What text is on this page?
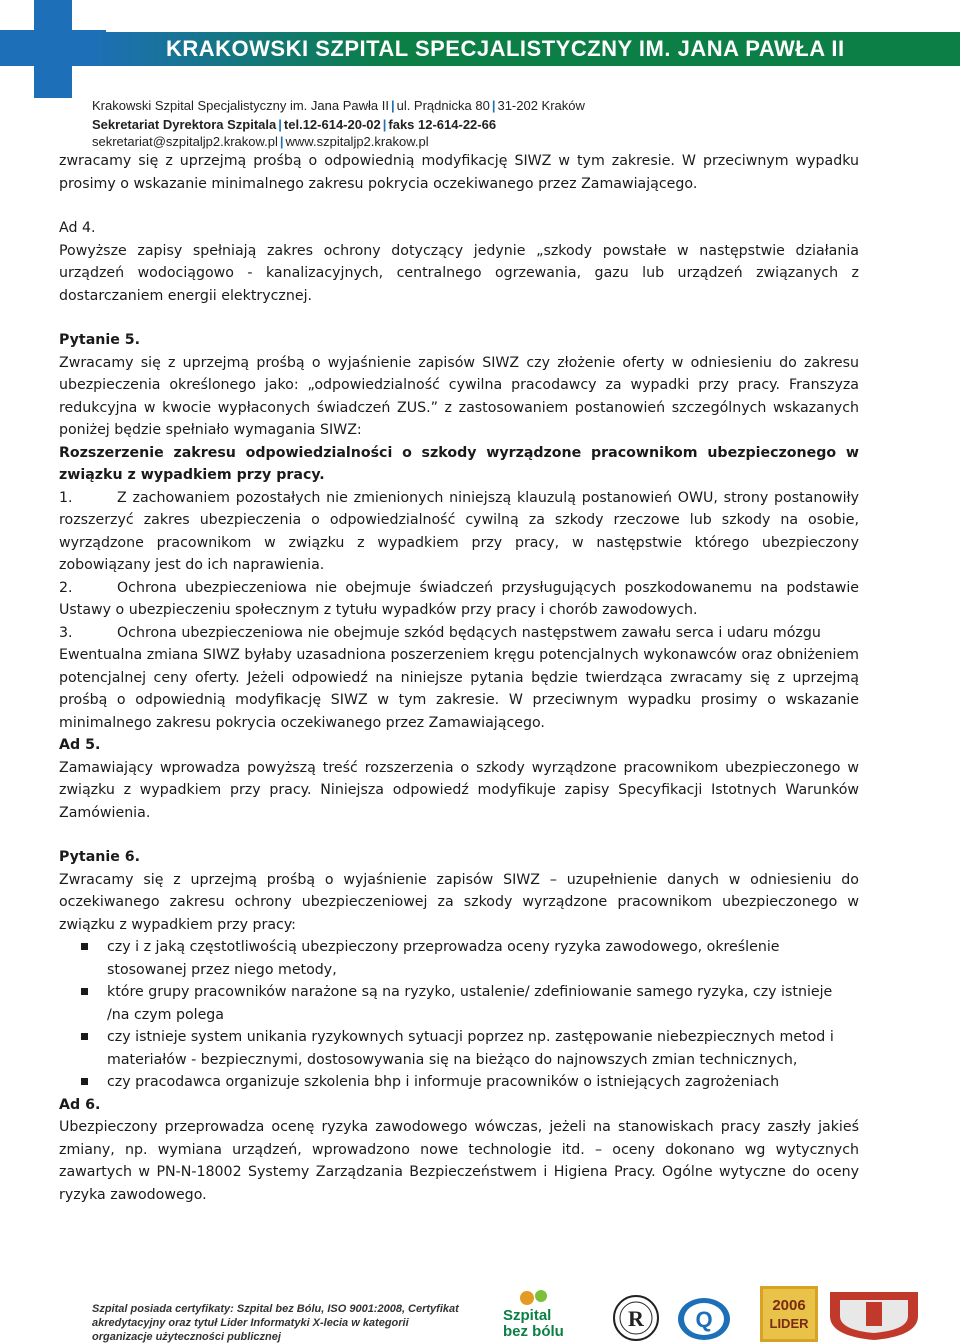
KRAKOWSKI SZPITAL SPECJALISTYCZNY IM. JANA PAWŁA II
Krakowski Szpital Specjalistyczny im. Jana Pawła II | ul. Prądnicka 80 | 31-202 Kraków
Sekretariat Dyrektora Szpitala | tel.12-614-20-02 | faks 12-614-22-66
sekretariat@szpitaljp2.krakow.pl | www.szpitaljp2.krakow.pl

zwracamy się z uprzejmą prośbą o odpowiednią modyfikację SIWZ w tym zakresie. W przeciwnym wypadku prosimy o wskazanie minimalnego zakresu pokrycia oczekiwanego przez Zamawiającego.

Ad 4.

Powyższe zapisy spełniają zakres ochrony dotyczący jedynie „szkody powstałe w następstwie działania urządzeń wodociągowo - kanalizacyjnych, centralnego ogrzewania, gazu lub urządzeń związanych z dostarczaniem energii elektrycznej.

Pytanie 5.

Zwracamy się z uprzejmą prośbą o wyjaśnienie zapisów SIWZ czy złożenie oferty w odniesieniu do zakresu ubezpieczenia określonego jako: „odpowiedzialność cywilna pracodawcy za wypadki przy pracy. Franszyza redukcyjna w kwocie wypłaconych świadczeń ZUS.” z zastosowaniem postanowień szczególnych wskazanych poniżej będzie spełniało wymagania SIWZ:

Rozszerzenie zakresu odpowiedzialności o szkody wyrządzone pracownikom ubezpieczonego w związku z wypadkiem przy pracy.

1.	Z zachowaniem pozostałych nie zmienionych niniejszą klauzulą postanowień OWU, strony postanowiły rozszerzyć zakres ubezpieczenia o odpowiedzialność cywilną za szkody rzeczowe lub szkody na osobie, wyrządzone pracownikom w związku z wypadkiem przy pracy, w następstwie którego ubezpieczony zobowiązany jest do ich naprawienia.

2.	Ochrona ubezpieczeniowa nie obejmuje świadczeń przysługujących poszkodowanemu na podstawie Ustawy o ubezpieczeniu społecznym z tytułu wypadków przy pracy i chorób zawodowych.

3.	Ochrona ubezpieczeniowa nie obejmuje szkód będących następstwem zawału serca i udaru mózgu

Ewentualna zmiana SIWZ byłaby uzasadniona poszerzeniem kręgu potencjalnych wykonawców oraz obniżeniem potencjalnej ceny oferty. Jeżeli odpowiedź na niniejsze pytania będzie twierdząca zwracamy się z uprzejmą prośbą o odpowiednią modyfikację SIWZ w tym zakresie. W przeciwnym wypadku prosimy o wskazanie minimalnego zakresu pokrycia oczekiwanego przez Zamawiającego.

Ad 5.

Zamawiający wprowadza powyższą treść rozszerzenia o szkody wyrządzone pracownikom ubezpieczonego w związku z wypadkiem przy pracy. Niniejsza odpowiedź modyfikuje zapisy Specyfikacji Istotnych Warunków Zamówienia.

Pytanie 6.

Zwracamy się z uprzejmą prośbą o wyjaśnienie zapisów SIWZ – uzupełnienie danych w odniesieniu do oczekiwanego zakresu ochrony ubezpieczeniowej za szkody wyrządzone pracownikom ubezpieczonego w związku z wypadkiem przy pracy:

czy i z jaką częstotliwością ubezpieczony przeprowadza oceny ryzyka zawodowego, określenie stosowanej przez niego metody,
które grupy pracowników narażone są na ryzyko, ustalenie/ zdefiniowanie samego ryzyka, czy istnieje /na czym polega
czy istnieje system unikania ryzykownych sytuacji poprzez np. zastępowanie niebezpiecznych metod i materiałów - bezpiecznymi, dostosowywania się na bieżąco do najnowszych zmian technicznych,
czy pracodawca organizuje szkolenia bhp i informuje pracowników o istniejących zagrożeniach

Ad 6.

Ubezpieczony przeprowadza ocenę ryzyka zawodowego wówczas, jeżeli na stanowiskach pracy zaszły jakieś zmiany, np. wymiana urządzeń, wprowadzono nowe technologie itd. – oceny dokonano wg wytycznych zawartych w PN-N-18002 Systemy Zarządzania Bezpieczeństwem i Higiena Pracy. Ogólne wytyczne do oceny ryzyka zawodowego.

Szpital posiada certyfikaty: Szpital bez Bólu, ISO 9001:2008, Certyfikat akredytacyjny oraz tytuł Lider Informatyki X-lecia w kategorii organizacje użyteczności publicznej
Szpital
bez bólu
R Q
2006
LIDER
